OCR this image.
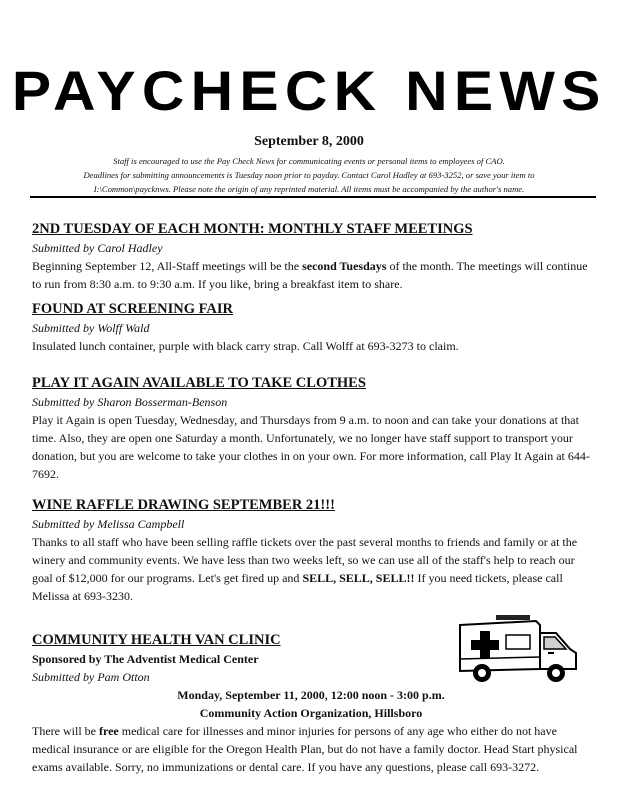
PAYCHECK NEWS
September 8, 2000
Staff is encouraged to use the Pay Check News for communicating events or personal items to employees of CAO.
Deadlines for submitting announcements is Tuesday noon prior to payday. Contact Carol Hadley at 693-3252, or save your item to
I:\Common\paycknws. Please note the origin of any reprinted material. All items must be accompanied by the author's name.
2ND TUESDAY OF EACH MONTH: MONTHLY STAFF MEETINGS
Submitted by Carol Hadley

Beginning September 12, All-Staff meetings will be the second Tuesdays of the month. The meetings will continue to run from 8:30 a.m. to 9:30 a.m. If you like, bring a breakfast item to share.

FOUND AT SCREENING FAIR
Submitted by Wolff Wald

Insulated lunch container, purple with black carry strap. Call Wolff at 693-3273 to claim.

PLAY IT AGAIN AVAILABLE TO TAKE CLOTHES
Submitted by Sharon Bosserman-Benson

Play it Again is open Tuesday, Wednesday, and Thursdays from 9 a.m. to noon and can take your donations at that time. Also, they are open one Saturday a month. Unfortunately, we no longer have staff support to transport your donation, but you are welcome to take your clothes in on your own. For more information, call Play It Again at 644-7692.

WINE RAFFLE DRAWING SEPTEMBER 21!!!
Submitted by Melissa Campbell

Thanks to all staff who have been selling raffle tickets over the past several months to friends and family or at the winery and community events. We have less than two weeks left, so we can use all of the staff's help to reach our goal of $12,000 for our programs. Let's get fired up and SELL, SELL, SELL!! If you need tickets, please call Melissa at 693-3230.

COMMUNITY HEALTH VAN CLINIC
Sponsored by The Adventist Medical Center
Submitted by Pam Otton
Monday, September 11, 2000, 12:00 noon - 3:00 p.m.
Community Action Organization, Hillsboro

There will be free medical care for illnesses and minor injuries for persons of any age who either do not have medical insurance or are eligible for the Oregon Health Plan, but do not have a family doctor. Head Start physical exams available. Sorry, no immunizations or dental care. If you have any questions, please call 693-3272.
